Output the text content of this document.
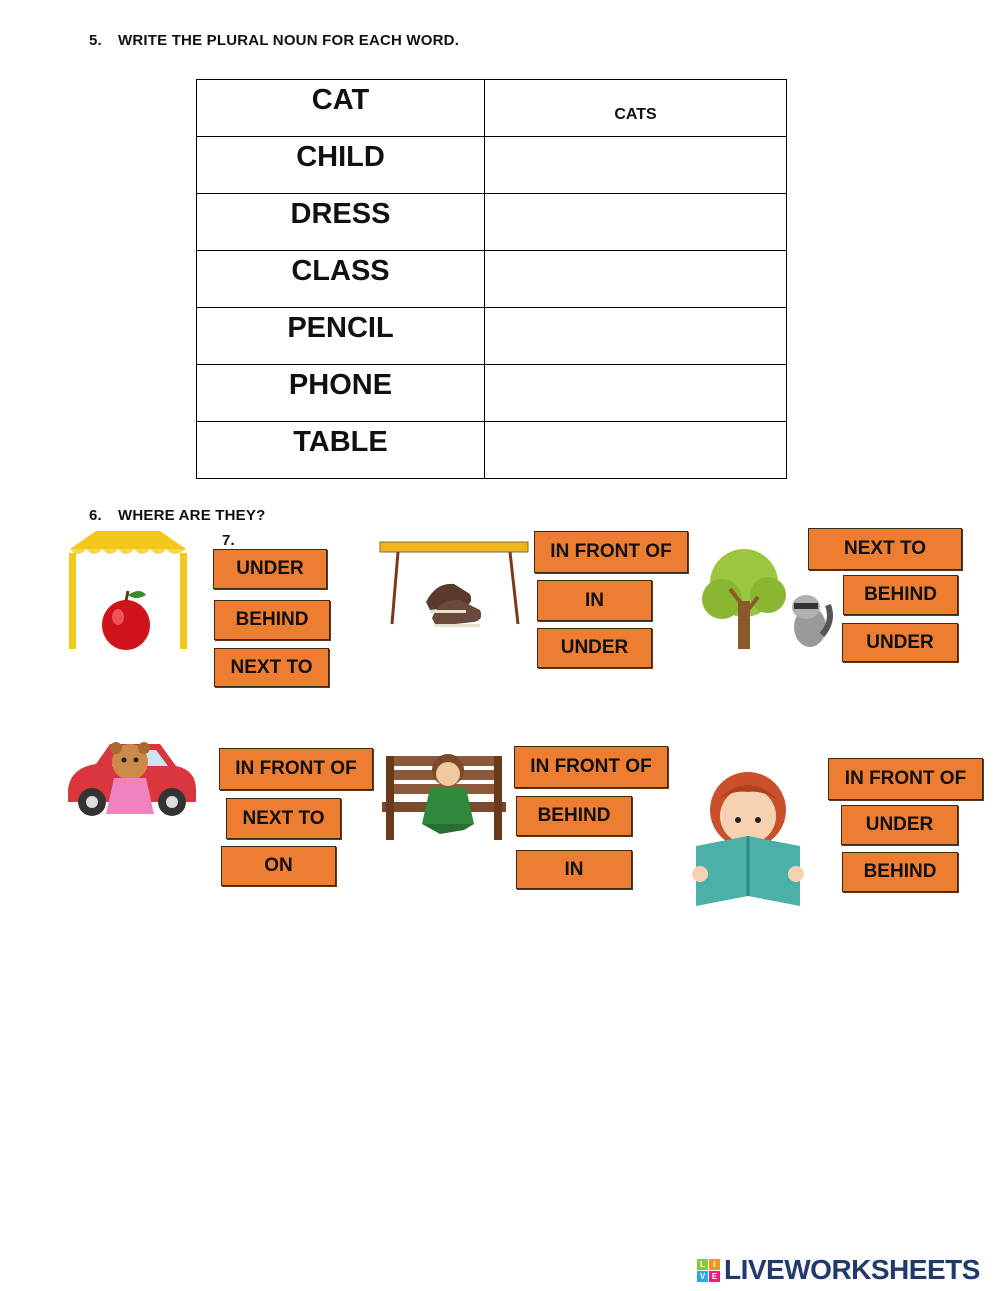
5. WRITE THE PLURAL NOUN FOR EACH WORD.
CAT	CATS
CHILD	
DRESS	
CLASS	
PENCIL	
PHONE	
TABLE	
6. WHERE ARE THEY?
7.
UNDER
BEHIND
NEXT TO
IN FRONT OF
IN
UNDER
NEXT TO
BEHIND
UNDER
IN FRONT OF
NEXT TO
ON
IN FRONT OF
BEHIND
IN
IN FRONT OF
UNDER
BEHIND
L	I
V E LIVEWORKSHEETS
